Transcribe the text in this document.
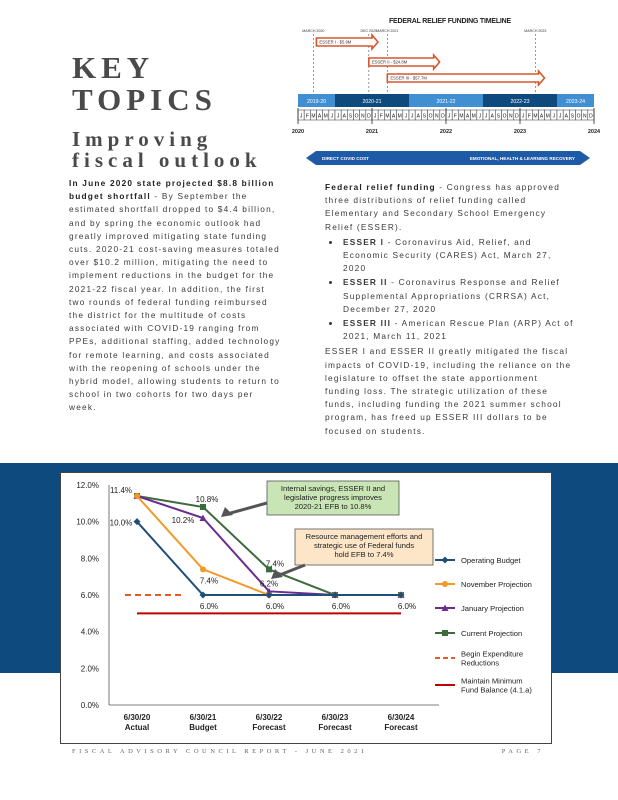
KEY
TOPICS
Improving
fiscal outlook
FEDERAL RELIEF FUNDING TIMELINE
MARCH 2020	DEC 2020 MARCH 2021	MARCH 2023
ESSER I - $5.9M
ESSER II - $24.8M
ESSER III - $57.7M
2019-20	2020-21	2021-22	2022-23	2023-24
J F M A M J J A S O N D J F M A M J J A S O N D J F M A M J J A S O N D J F M A M J J A S O N D
2020	2021	2022	2023	2024
DIRECT COVID COST	EMOTIONAL, HEALTH & LEARNING RECOVERY
In June 2020 state projected $8.8 billion budget shortfall - By September the estimated shortfall dropped to $4.4 billion, and by spring the economic outlook had greatly improved mitigating state funding cuts. 2020-21 cost-saving measures totaled over $10.2 million, mitigating the need to implement reductions in the budget for the 2021-22 fiscal year. In addition, the first two rounds of federal funding reimbursed the district for the multitude of costs associated with COVID-19 ranging from PPEs, additional staffing, added technology for remote learning, and costs associated with the reopening of schools under the hybrid model, allowing students to return to school in two cohorts for two days per week.
Federal relief funding - Congress has approved three distributions of relief funding called Elementary and Secondary School Emergency Relief (ESSER).
• ESSER I - Coronavirus Aid, Relief, and Economic Security (CARES) Act, March 27, 2020
• ESSER II - Coronavirus Response and Relief Supplemental Appropriations (CRRSA) Act, December 27, 2020
• ESSER III - American Rescue Plan (ARP) Act of 2021, March 11, 2021
ESSER I and ESSER II greatly mitigated the fiscal impacts of COVID-19, including the reliance on the legislature to offset the state apportionment funding loss. The strategic utilization of these funds, including funding the 2021 summer school program, has freed up ESSER III dollars to be focused on students.
0.0%
2.0%
4.0%
6.0%
8.0%
10.0%
12.0%
6/30/20 Actual
6/30/21 Budget
6/30/22 Forecast
6/30/23 Forecast
6/30/24 Forecast
11.4%
10.0%
10.8%
10.2%
7.4%
7.4%
6.2%
6.0%	6.0%	6.0%	6.0%
Internal savings, ESSER II and legislative progress improves 2020-21 EFB to 10.8%
Resource management efforts and strategic use of Federal funds hold EFB to 7.4%
Operating Budget
November Projection
January Projection
Current Projection
Begin Expenditure Reductions
Maintain Minimum Fund Balance (4.1.a)
FISCAL ADVISORY COUNCIL REPORT - JUNE 2021	PAGE 7
